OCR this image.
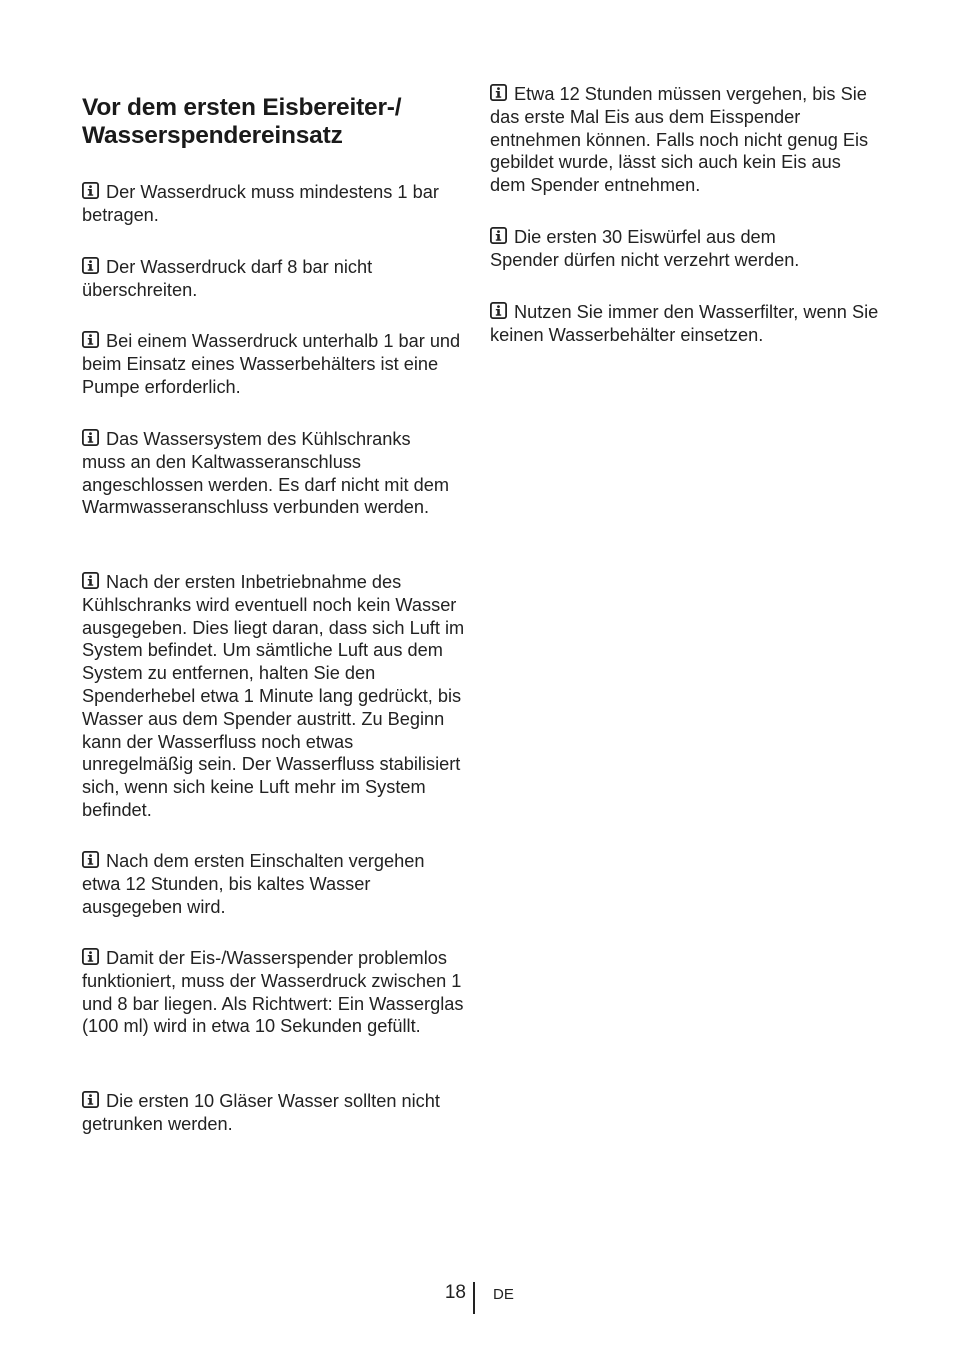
Vor dem ersten Eisbereiter-/
Wasserspendereinsatz

Der Wasserdruck muss mindestens 1 bar betragen.

Der Wasserdruck darf 8 bar nicht überschreiten.

Bei einem Wasserdruck unterhalb 1 bar und beim Einsatz eines Wasserbehälters ist eine Pumpe erforderlich.

Das Wassersystem des Kühlschranks muss an den Kaltwasseranschluss angeschlossen werden. Es darf nicht mit dem Warmwasseranschluss verbunden werden.

Nach der ersten Inbetriebnahme des Kühlschranks wird eventuell noch kein Wasser ausgegeben. Dies liegt daran, dass sich Luft im System befindet. Um sämtliche Luft aus dem System zu entfernen, halten Sie den Spenderhebel etwa 1 Minute lang gedrückt, bis Wasser aus dem Spender austritt. Zu Beginn kann der Wasserfluss noch etwas unregelmäßig sein. Der Wasserfluss stabilisiert sich, wenn sich keine Luft mehr im System befindet.

Nach dem ersten Einschalten vergehen etwa 12 Stunden, bis kaltes Wasser ausgegeben wird.

Damit der Eis-/Wasserspender problemlos funktioniert, muss der Wasserdruck zwischen 1 und 8 bar liegen. Als Richtwert: Ein Wasserglas (100 ml) wird in etwa 10 Sekunden gefüllt.

Die ersten 10 Gläser Wasser sollten nicht getrunken werden.

Etwa 12 Stunden müssen vergehen, bis Sie das erste Mal Eis aus dem Eisspender entnehmen können. Falls noch nicht genug Eis gebildet wurde, lässt sich auch kein Eis aus dem Spender entnehmen.

Die ersten 30 Eiswürfel aus dem Spender dürfen nicht verzehrt werden.

Nutzen Sie immer den Wasserfilter, wenn Sie keinen Wasserbehälter einsetzen.

18 DE
